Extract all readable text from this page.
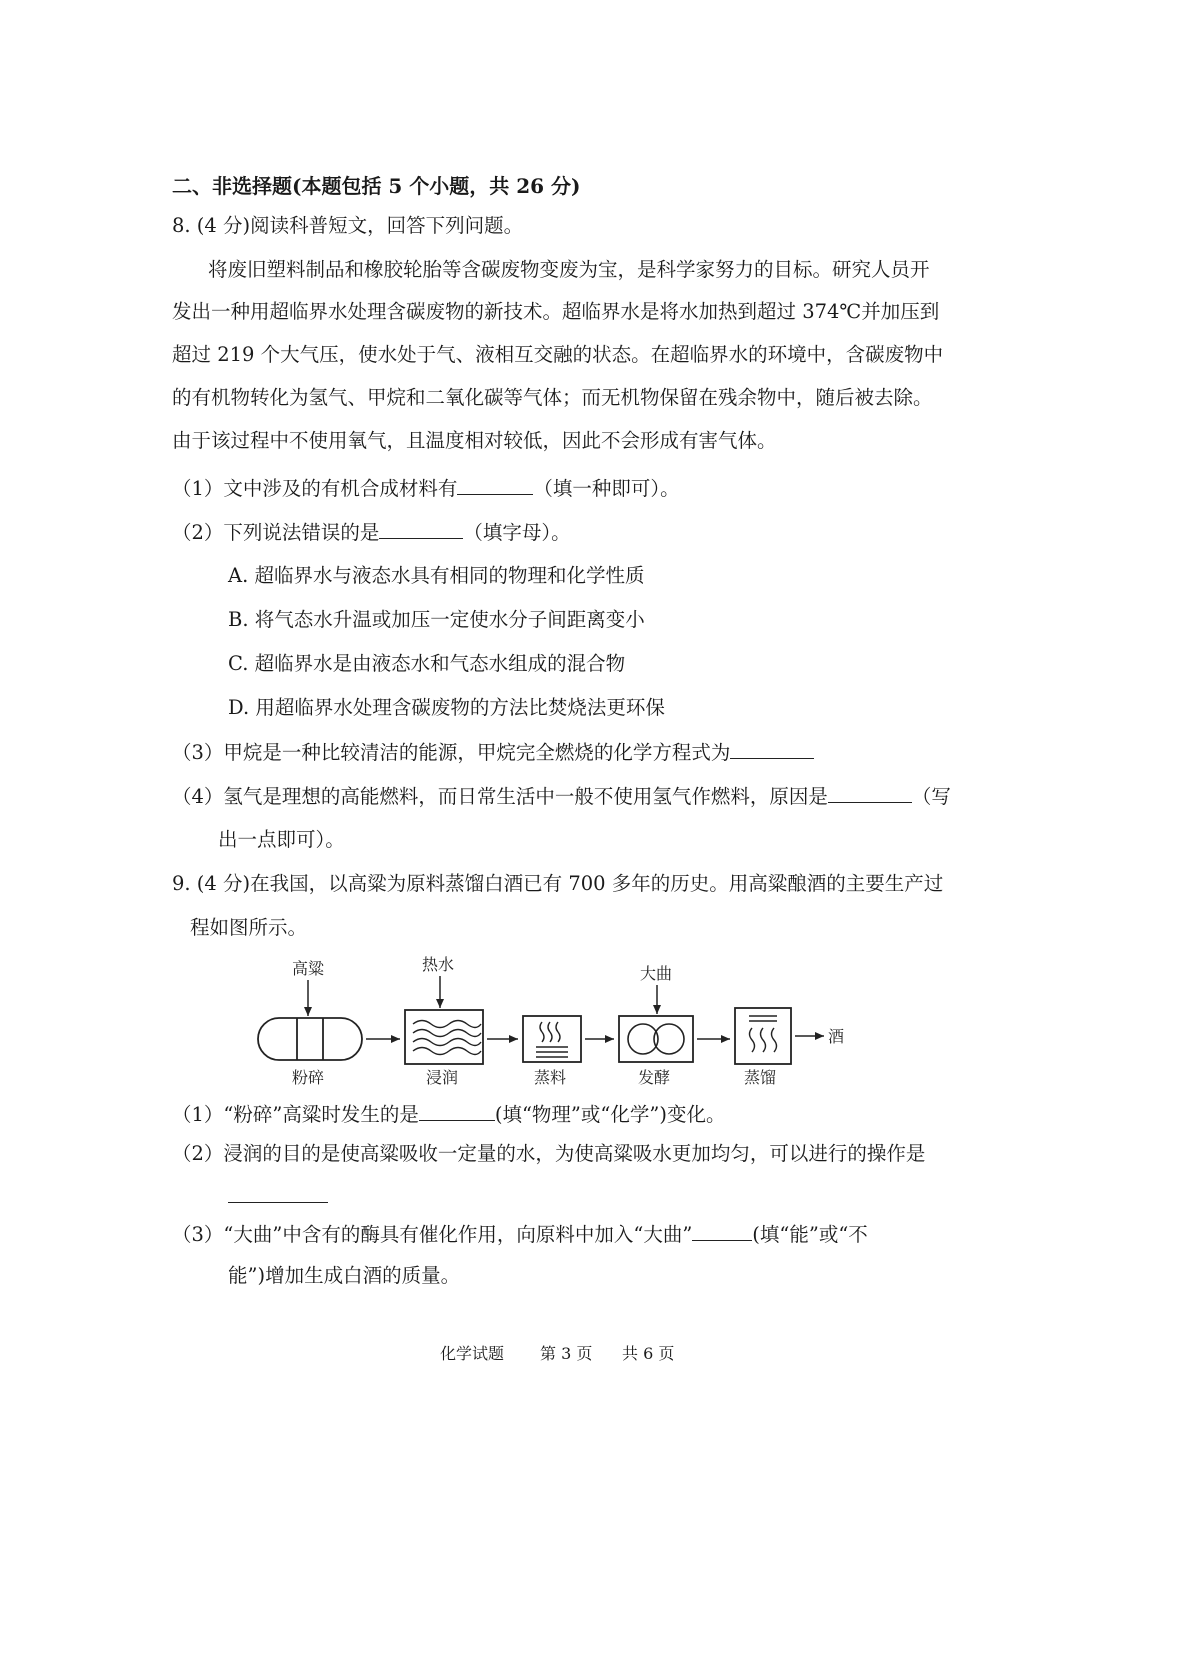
二、非选择题(本题包括 5 个小题，共 26 分)
8. (4 分)阅读科普短文，回答下列问题。
将废旧塑料制品和橡胶轮胎等含碳废物变废为宝，是科学家努力的目标。研究人员开
发出一种用超临界水处理含碳废物的新技术。超临界水是将水加热到超过 374℃并加压到
超过 219 个大气压，使水处于气、液相互交融的状态。在超临界水的环境中，含碳废物中
的有机物转化为氢气、甲烷和二氧化碳等气体；而无机物保留在残余物中，随后被去除。
由于该过程中不使用氧气，且温度相对较低，因此不会形成有害气体。
（1）文中涉及的有机合成材料有	（填一种即可）。
（2）下列说法错误的是	（填字母）。
A. 超临界水与液态水具有相同的物理和化学性质
B. 将气态水升温或加压一定使水分子间距离变小
C. 超临界水是由液态水和气态水组成的混合物
D. 用超临界水处理含碳废物的方法比焚烧法更环保
（3）甲烷是一种比较清洁的能源，甲烷完全燃烧的化学方程式为
（4）氢气是理想的高能燃料，而日常生活中一般不使用氢气作燃料，原因是	（写
出一点即可）。
9. (4 分)在我国，以高粱为原料蒸馏白酒已有 700 多年的历史。用高粱酿酒的主要生产过
程如图所示。
高粱
粉碎
热水
浸润	蒸料
大曲
发酵	蒸馏
酒
（1）“粉碎”高粱时发生的是	(填“物理”或“化学”)变化。
（2）浸润的目的是使高粱吸收一定量的水，为使高粱吸水更加均匀，可以进行的操作是
（3）“大曲”中含有的酶具有催化作用，向原料中加入“大曲”	(填“能”或“不
能”)增加生成白酒的质量。
化学试题 第 3 页 共 6 页
